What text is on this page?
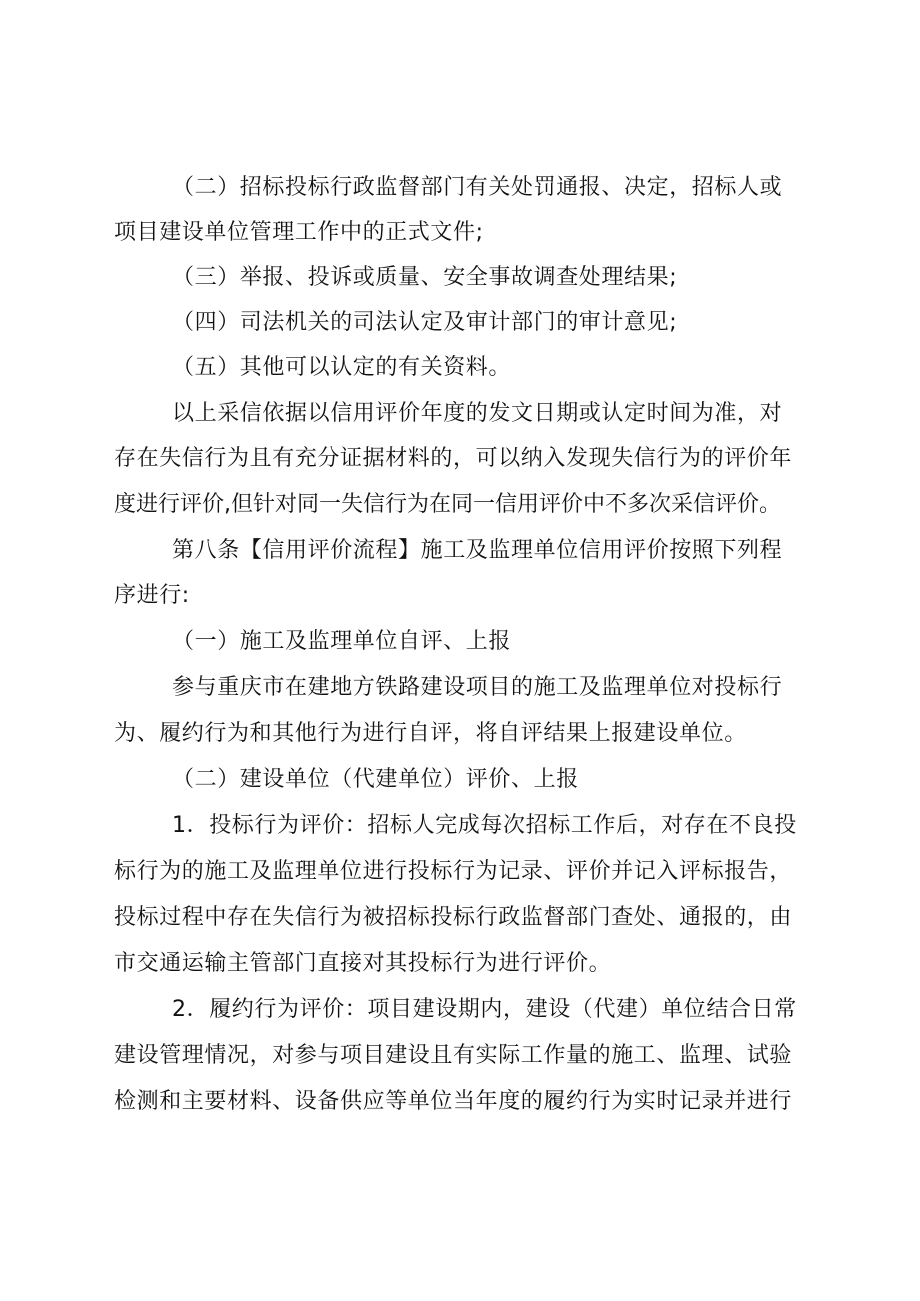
（二）招标投标行政监督部门有关处罚通报、决定，招标人或
项目建设单位管理工作中的正式文件;
（三）举报、投诉或质量、安全事故调查处理结果;
（四）司法机关的司法认定及审计部门的审计意见;
（五）其他可以认定的有关资料。
以上采信依据以信用评价年度的发文日期或认定时间为准，对
存在失信行为且有充分证据材料的，可以纳入发现失信行为的评价年
度进行评价,但针对同一失信行为在同一信用评价中不多次采信评价。
第八条【信用评价流程】施工及监理单位信用评价按照下列程
序进行:
（一）施工及监理单位自评、上报
参与重庆市在建地方铁路建设项目的施工及监理单位对投标行
为、履约行为和其他行为进行自评，将自评结果上报建设单位。
（二）建设单位（代建单位）评价、上报
1．投标行为评价：招标人完成每次招标工作后，对存在不良投
标行为的施工及监理单位进行投标行为记录、评价并记入评标报告，
投标过程中存在失信行为被招标投标行政监督部门查处、通报的，由
市交通运输主管部门直接对其投标行为进行评价。
2．履约行为评价：项目建设期内，建设（代建）单位结合日常
建设管理情况，对参与项目建设且有实际工作量的施工、监理、试验
检测和主要材料、设备供应等单位当年度的履约行为实时记录并进行
